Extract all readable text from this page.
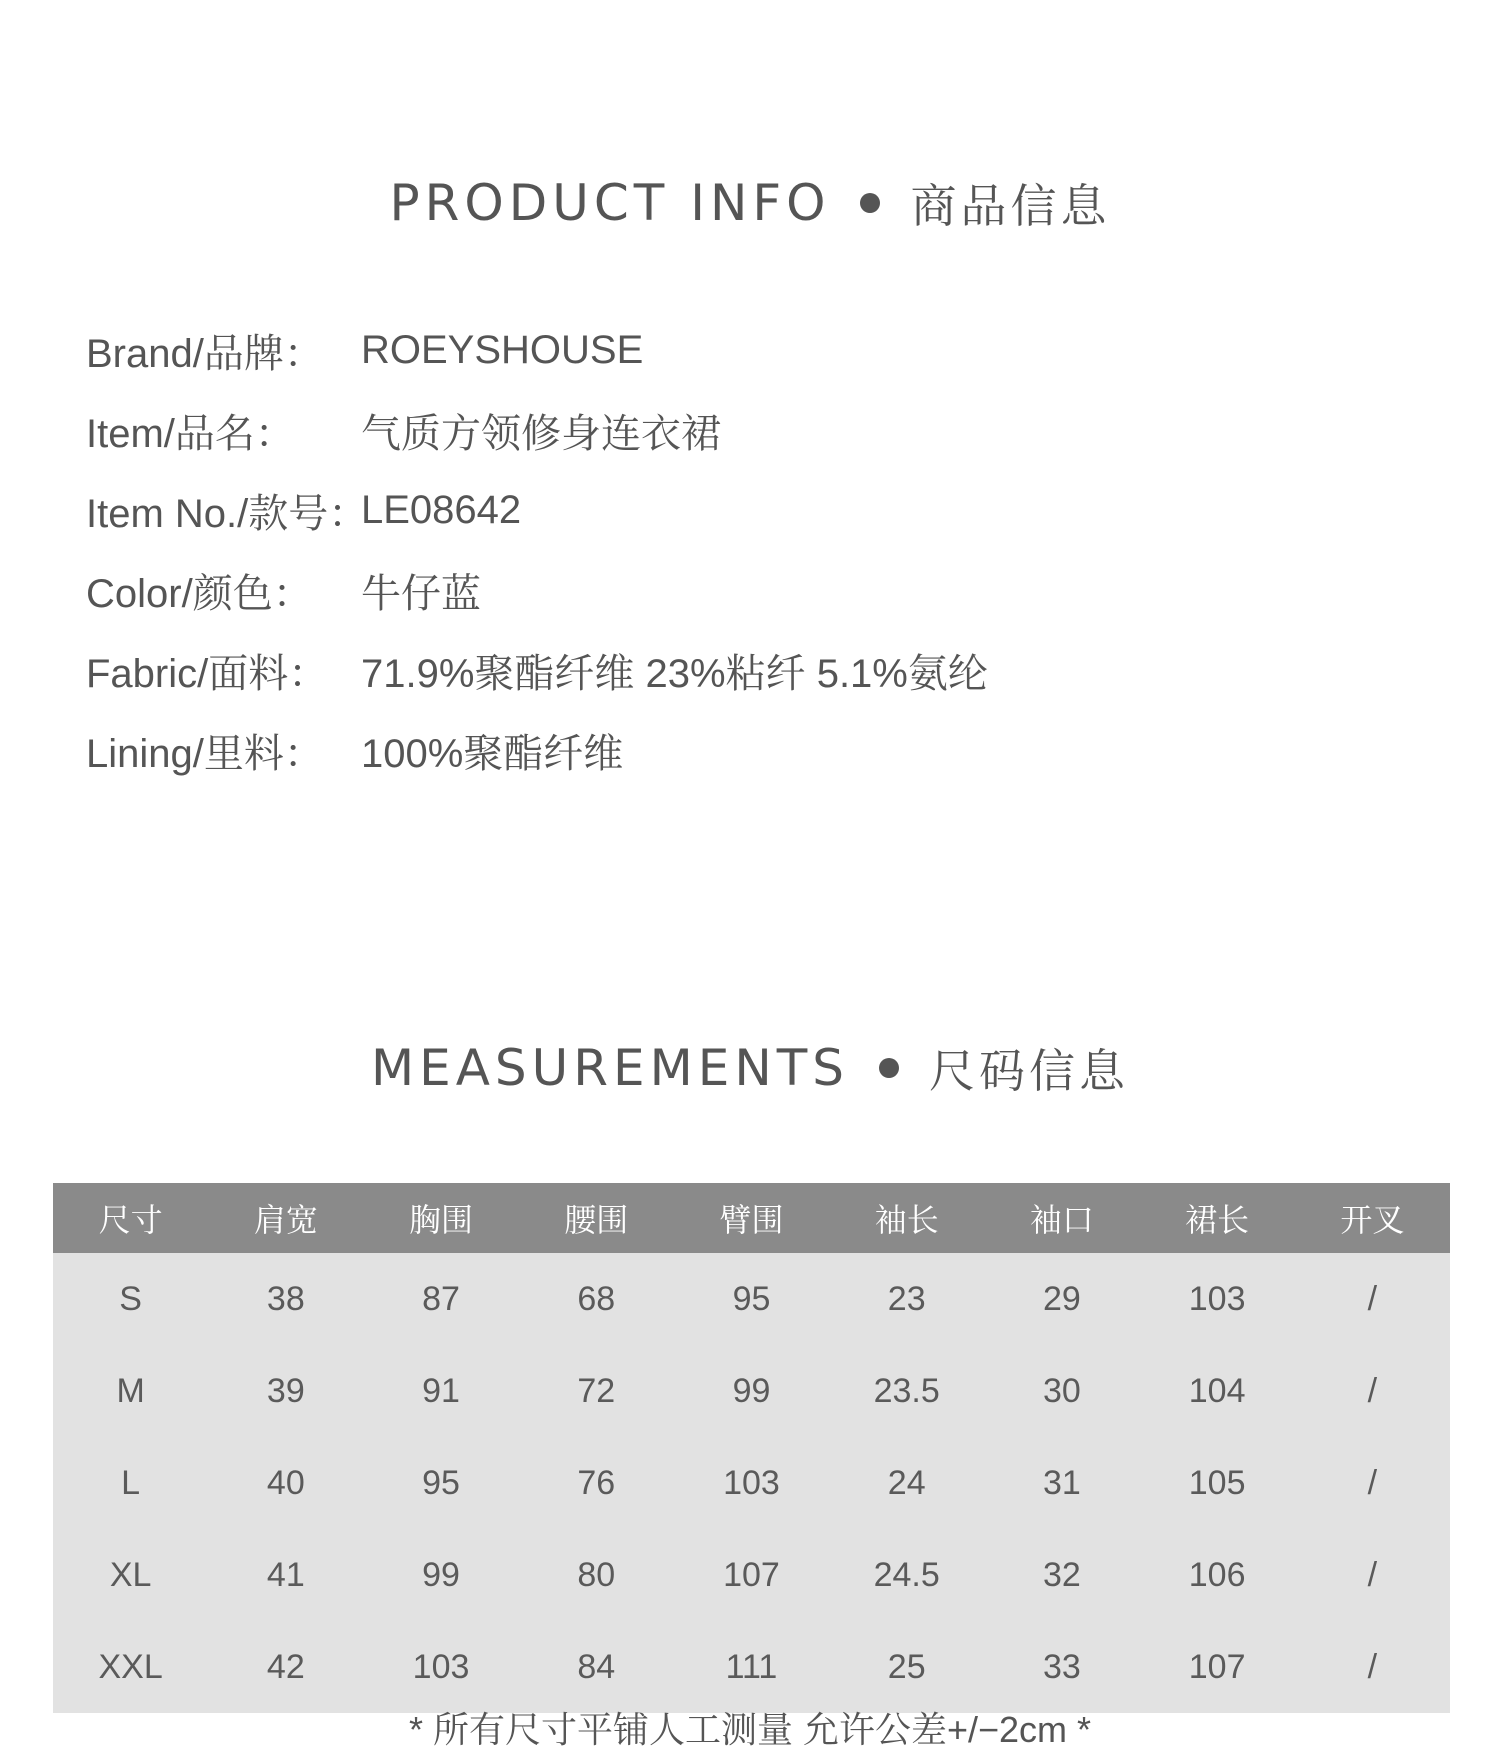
PRODUCT INFO 商品信息
Brand/品牌： ROEYSHOUSE
Item/品名：	气质方领修身连衣裙
Item No./款号：
LE08642
Color/颜色：	牛仔蓝
Fabric/面料： 71.9%聚酯纤维 23%粘纤 5.1%氨纶
Lining/里料： 100%聚酯纤维
MEASUREMENTS 尺码信息
尺寸	肩宽	胸围	腰围	臂围	袖长	袖口	裙长	开叉
S	38	87	68	95	23	29	103	/
M	39	91	72	99	23.5	30	104	/
L	40	95	76	103	24	31	105	/
XL	41	99	80	107	24.5	32	106	/
XXL	42	103	84	111	25	33	107	/
* 所有尺寸平铺人工测量 允许公差+/−2cm *
